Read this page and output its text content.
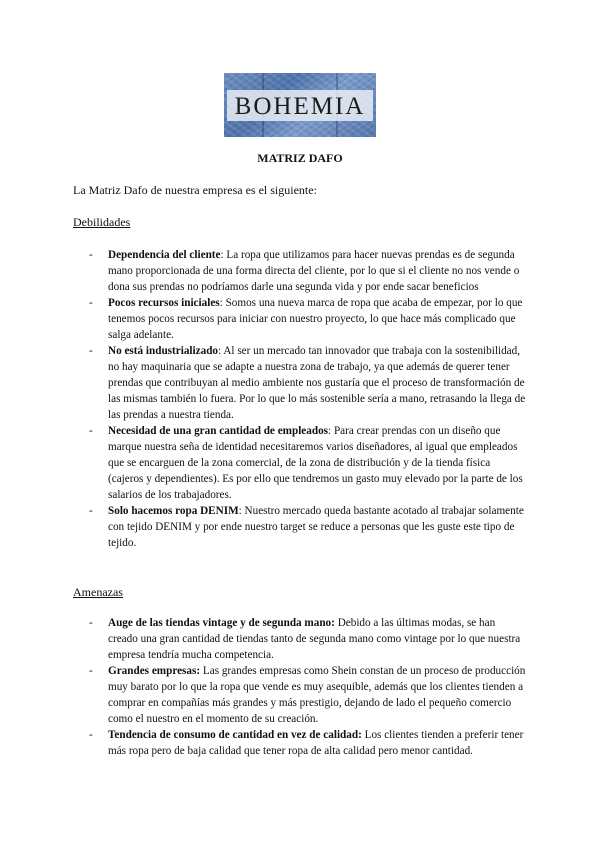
BOHEMIA
MATRIZ DAFO
La Matriz Dafo de nuestra empresa es el siguiente:
Debilidades
- Dependencia del cliente: La ropa que utilizamos para hacer nuevas prendas es de segunda mano proporcionada de una forma directa del cliente, por lo que si el cliente no nos vende o dona sus prendas no podríamos darle una segunda vida y por ende sacar beneficios
- Pocos recursos iniciales: Somos una nueva marca de ropa que acaba de empezar, por lo que tenemos pocos recursos para iniciar con nuestro proyecto, lo que hace más complicado que salga adelante.
- No está industrializado: Al ser un mercado tan innovador que trabaja con la sostenibilidad, no hay maquinaria que se adapte a nuestra zona de trabajo, ya que además de querer tener prendas que contribuyan al medio ambiente nos gustaría que el proceso de transformación de las mismas también lo fuera. Por lo que lo más sostenible sería a mano, retrasando la llega de las prendas a nuestra tienda.
- Necesidad de una gran cantidad de empleados: Para crear prendas con un diseño que marque nuestra seña de identidad necesitaremos varios diseñadores, al igual que empleados que se encarguen de la zona comercial, de la zona de distribución y de la tienda física (cajeros y dependientes). Es por ello que tendremos un gasto muy elevado por la parte de los salarios de los trabajadores.
- Solo hacemos ropa DENIM: Nuestro mercado queda bastante acotado al trabajar solamente con tejido DENIM y por ende nuestro target se reduce a personas que les guste este tipo de tejido.
Amenazas
- Auge de las tiendas vintage y de segunda mano: Debido a las últimas modas, se han creado una gran cantidad de tiendas tanto de segunda mano como vintage por lo que nuestra empresa tendría mucha competencia.
- Grandes empresas: Las grandes empresas como Shein constan de un proceso de producción muy barato por lo que la ropa que vende es muy asequible, además que los clientes tienden a comprar en compañías más grandes y más prestigio, dejando de lado el pequeño comercio como el nuestro en el momento de su creación.
- Tendencia de consumo de cantidad en vez de calidad: Los clientes tienden a preferir tener más ropa pero de baja calidad que tener ropa de alta calidad pero menor cantidad.
